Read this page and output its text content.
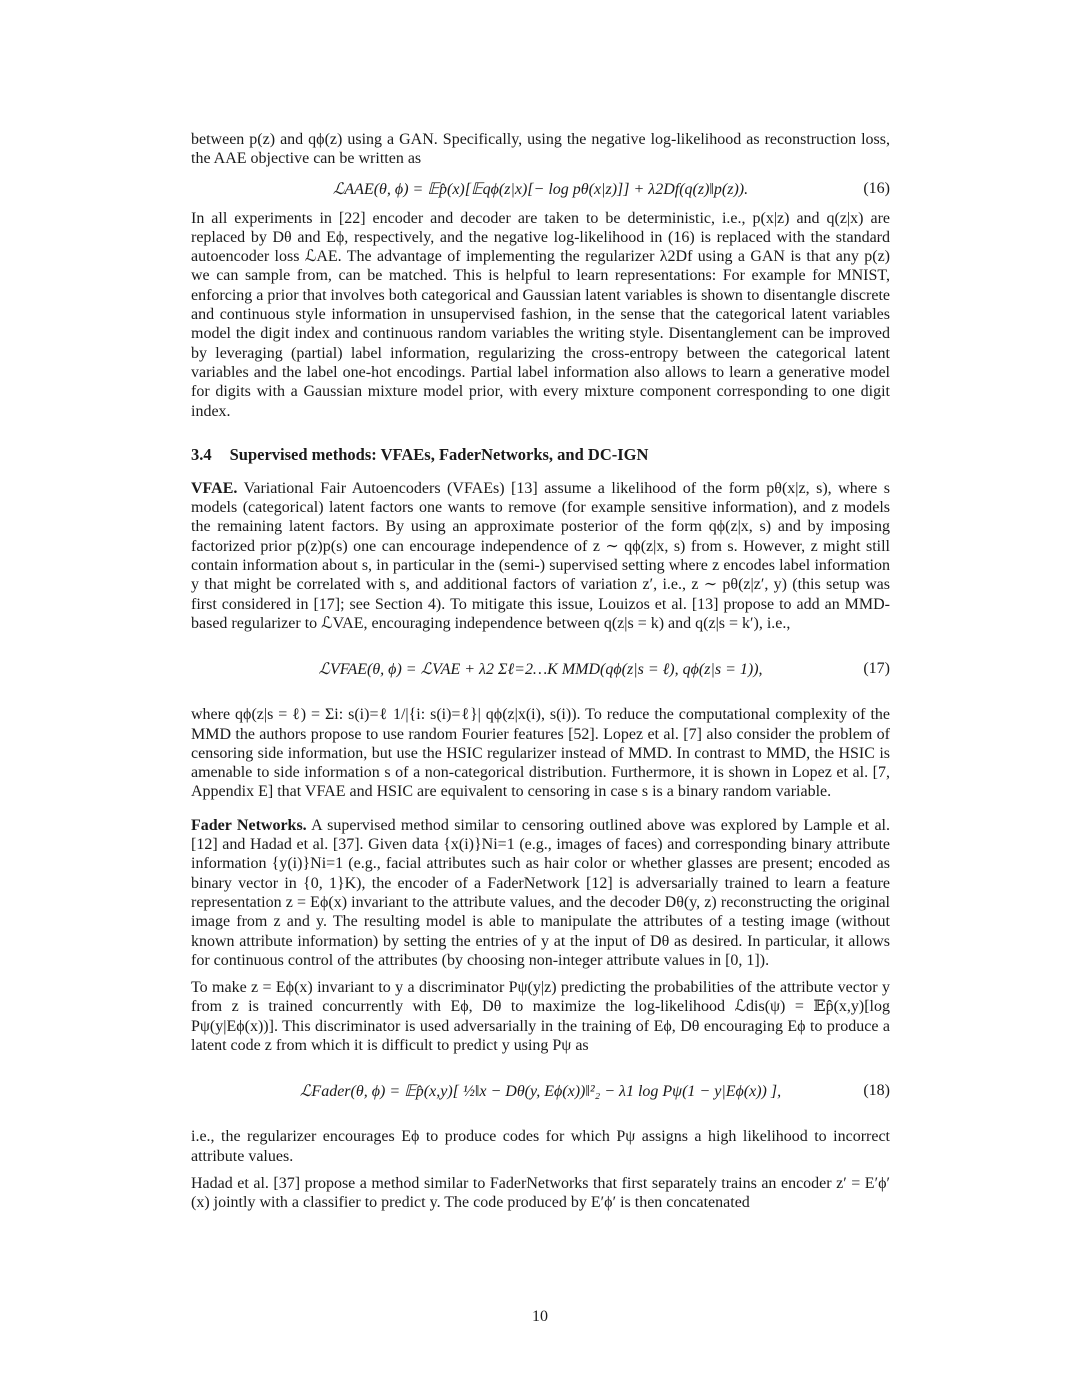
between p(z) and qϕ(z) using a GAN. Specifically, using the negative log-likelihood as reconstruction loss, the AAE objective can be written as

ℒAAE(θ, ϕ) = 𝔼p̂(x)[𝔼qϕ(z|x)[− log pθ(x|z)]] + λ2Df(q(z)‖p(z)).	(16)

In all experiments in [22] encoder and decoder are taken to be deterministic, i.e., p(x|z) and q(z|x) are replaced by Dθ and Eϕ, respectively, and the negative log-likelihood in (16) is replaced with the standard autoencoder loss ℒAE. The advantage of implementing the regularizer λ2Df using a GAN is that any p(z) we can sample from, can be matched. This is helpful to learn representations: For example for MNIST, enforcing a prior that involves both categorical and Gaussian latent variables is shown to disentangle discrete and continuous style information in unsupervised fashion, in the sense that the categorical latent variables model the digit index and continuous random variables the writing style. Disentanglement can be improved by leveraging (partial) label information, regularizing the cross-entropy between the categorical latent variables and the label one-hot encodings. Partial label information also allows to learn a generative model for digits with a Gaussian mixture model prior, with every mixture component corresponding to one digit index.

3.4 Supervised methods: VFAEs, FaderNetworks, and DC-IGN

VFAE. Variational Fair Autoencoders (VFAEs) [13] assume a likelihood of the form pθ(x|z, s), where s models (categorical) latent factors one wants to remove (for example sensitive information), and z models the remaining latent factors. By using an approximate posterior of the form qϕ(z|x, s) and by imposing factorized prior p(z)p(s) one can encourage independence of z ∼ qϕ(z|x, s) from s. However, z might still contain information about s, in particular in the (semi-) supervised setting where z encodes label information y that might be correlated with s, and additional factors of variation z′, i.e., z ∼ pθ(z|z′, y) (this setup was first considered in [17]; see Section 4). To mitigate this issue, Louizos et al. [13] propose to add an MMD-based regularizer to ℒVAE, encouraging independence between q(z|s = k) and q(z|s = k′), i.e.,

ℒVFAE(θ, ϕ) = ℒVAE + λ2 Σℓ=2…K MMD(qϕ(z|s = ℓ), qϕ(z|s = 1)),	(17)

where qϕ(z|s = ℓ) = Σi: s(i)=ℓ 1/|{i: s(i)=ℓ}| qϕ(z|x(i), s(i)). To reduce the computational complexity of the MMD the authors propose to use random Fourier features [52]. Lopez et al. [7] also consider the problem of censoring side information, but use the HSIC regularizer instead of MMD. In contrast to MMD, the HSIC is amenable to side information s of a non-categorical distribution. Furthermore, it is shown in Lopez et al. [7, Appendix E] that VFAE and HSIC are equivalent to censoring in case s is a binary random variable.

Fader Networks. A supervised method similar to censoring outlined above was explored by Lample et al. [12] and Hadad et al. [37]. Given data {x(i)}Ni=1 (e.g., images of faces) and corresponding binary attribute information {y(i)}Ni=1 (e.g., facial attributes such as hair color or whether glasses are present; encoded as binary vector in {0, 1}K), the encoder of a FaderNetwork [12] is adversarially trained to learn a feature representation z = Eϕ(x) invariant to the attribute values, and the decoder Dθ(y, z) reconstructing the original image from z and y. The resulting model is able to manipulate the attributes of a testing image (without known attribute information) by setting the entries of y at the input of Dθ as desired. In particular, it allows for continuous control of the attributes (by choosing non-integer attribute values in [0, 1]).

To make z = Eϕ(x) invariant to y a discriminator Pψ(y|z) predicting the probabilities of the attribute vector y from z is trained concurrently with Eϕ, Dθ to maximize the log-likelihood ℒdis(ψ) = 𝔼p̂(x,y)[log Pψ(y|Eϕ(x))]. This discriminator is used adversarially in the training of Eϕ, Dθ encouraging Eϕ to produce a latent code z from which it is difficult to predict y using Pψ as

ℒFader(θ, ϕ) = 𝔼p̂(x,y)[ ½‖x − Dθ(y, Eϕ(x))‖²₂ − λ1 log Pψ(1 − y|Eϕ(x)) ],	(18)

i.e., the regularizer encourages Eϕ to produce codes for which Pψ assigns a high likelihood to incorrect attribute values.

Hadad et al. [37] propose a method similar to FaderNetworks that first separately trains an encoder z′ = E′ϕ′(x) jointly with a classifier to predict y. The code produced by E′ϕ′ is then concatenated

10
